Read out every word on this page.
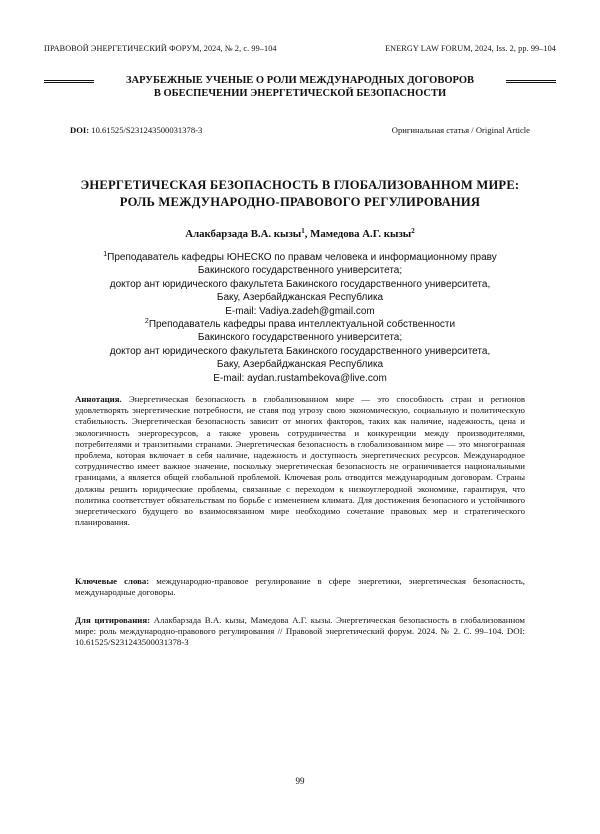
ПРАВОВОЙ ЭНЕРГЕТИЧЕСКИЙ ФОРУМ, 2024, № 2, с. 99–104	ENERGY LAW FORUM, 2024, Iss. 2, pp. 99–104
ЗАРУБЕЖНЫЕ УЧЕНЫЕ О РОЛИ МЕЖДУНАРОДНЫХ ДОГОВОРОВ
В ОБЕСПЕЧЕНИИ ЭНЕРГЕТИЧЕСКОЙ БЕЗОПАСНОСТИ
DOI: 10.61525/S231243500031378-3	Оригинальная статья / Original Article
ЭНЕРГЕТИЧЕСКАЯ БЕЗОПАСНОСТЬ В ГЛОБАЛИЗОВАННОМ МИРЕ:
РОЛЬ МЕЖДУНАРОДНО-ПРАВОВОГО РЕГУЛИРОВАНИЯ
Алакбарзада В.А. кызы$^1$, Мамедова А.Г. кызы$^2$
$^1$Преподаватель кафедры ЮНЕСКО по правам человека и информационному праву
Бакинского государственного университета;
доктор ант юридического факультета Бакинского государственного университета,
Баку, Азербайджанская Республика
E-mail: Vadiya.zadeh@gmail.com
$^2$Преподаватель кафедры права интеллектуальной собственности
Бакинского государственного университета;
доктор ант юридического факультета Бакинского государственного университета,
Баку, Азербайджанская Республика
E-mail: aydan.rustambekova@live.com
Аннотация. Энергетическая безопасность в глобализованном мире — это способность стран и регионов удовлетворять энергетические потребности, не ставя под угрозу свою экономическую, социальную и политическую стабильность. Энергетическая безопасность зависит от многих факторов, таких как наличие, надежность, цена и экологичность энергоресурсов, а также уровень сотрудничества и конкуренции между производителями, потребителями и транзитными странами. Энергетическая безопасность в глобализованном мире — это многогранная проблема, которая включает в себя наличие, надежность и доступность энергетических ресурсов. Международное сотрудничество имеет важное значение, поскольку энергетическая безопасность не ограничивается национальными границами, а является общей глобальной проблемой. Ключевая роль отводится международным договорам. Страны должны решить юридические проблемы, связанные с переходом к низкоуглеродной экономике, гарантируя, что политика соответствует обязательствам по борьбе с изменением климата. Для достижения безопасного и устойчивого энергетического будущего во взаимосвязанном мире необходимо сочетание правовых мер и стратегического планирования.
Ключевые слова: международно-правовое регулирование в сфере энергетики, энергетическая безопасность, международные договоры.
Для цитирования: Алакбарзада В.А. кызы, Мамедова А.Г. кызы. Энергетическая безопасность в глобализованном мире: роль международно-правового регулирования // Правовой энергетический форум. 2024. № 2. С. 99–104. DOI: 10.61525/S231243500031378-3
99
